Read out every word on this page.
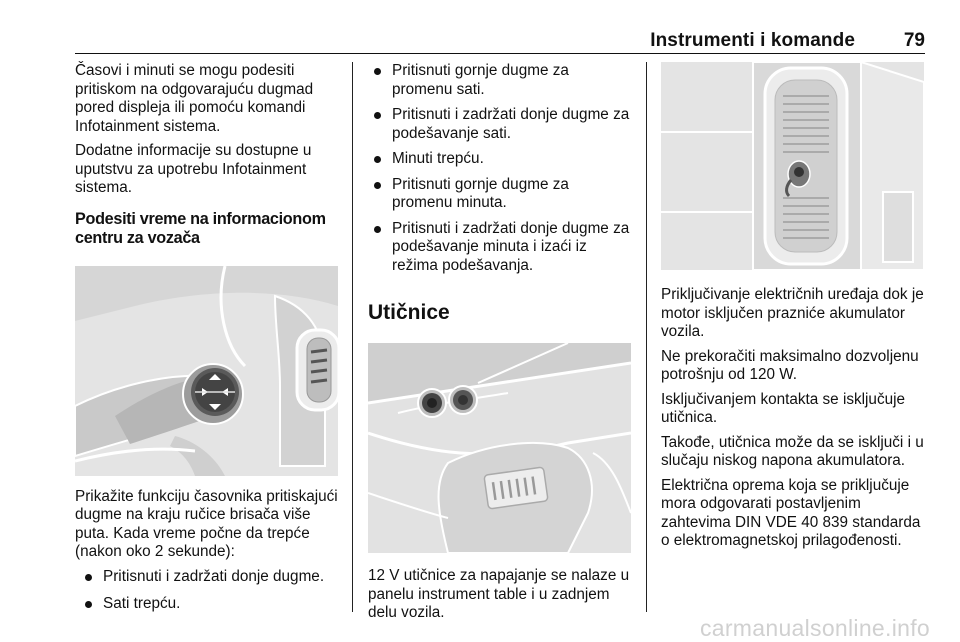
Instrumenti i komande	79

Časovi i minuti se mogu podesiti pritiskom na odgovarajuću dugmad pored displeja ili pomoću komandi Infotainment sistema.

Dodatne informacije su dostupne u uputstvu za upotrebu Infotainment sistema.

Podesiti vreme na informacionom centru za vozača

Prikažite funkciju časovnika pritiskajući dugme na kraju ručice brisača više puta. Kada vreme počne da trepće (nakon oko 2 sekunde):

Pritisnuti i zadržati donje dugme.
Sati trepću.
Pritisnuti gornje dugme za promenu sati.
Pritisnuti i zadržati donje dugme za podešavanje sati.
Minuti trepću.
Pritisnuti gornje dugme za promenu minuta.
Pritisnuti i zadržati donje dugme za podešavanje minuta i izaći iz režima podešavanja.
Utičnice

12 V utičnice za napajanje se nalaze u panelu instrument table i u zadnjem delu vozila.

Priključivanje električnih uređaja dok je motor isključen prazniće akumulator vozila.

Ne prekoračiti maksimalno dozvoljenu potrošnju od 120 W.

Isključivanjem kontakta se isključuje utičnica.

Takođe, utičnica može da se isključi i u slučaju niskog napona akumulatora.

Električna oprema koja se priključuje mora odgovarati postavljenim zahtevima DIN VDE 40 839 standarda o elektromagnetskoj prilagođenosti.

carmanualsonline.info
